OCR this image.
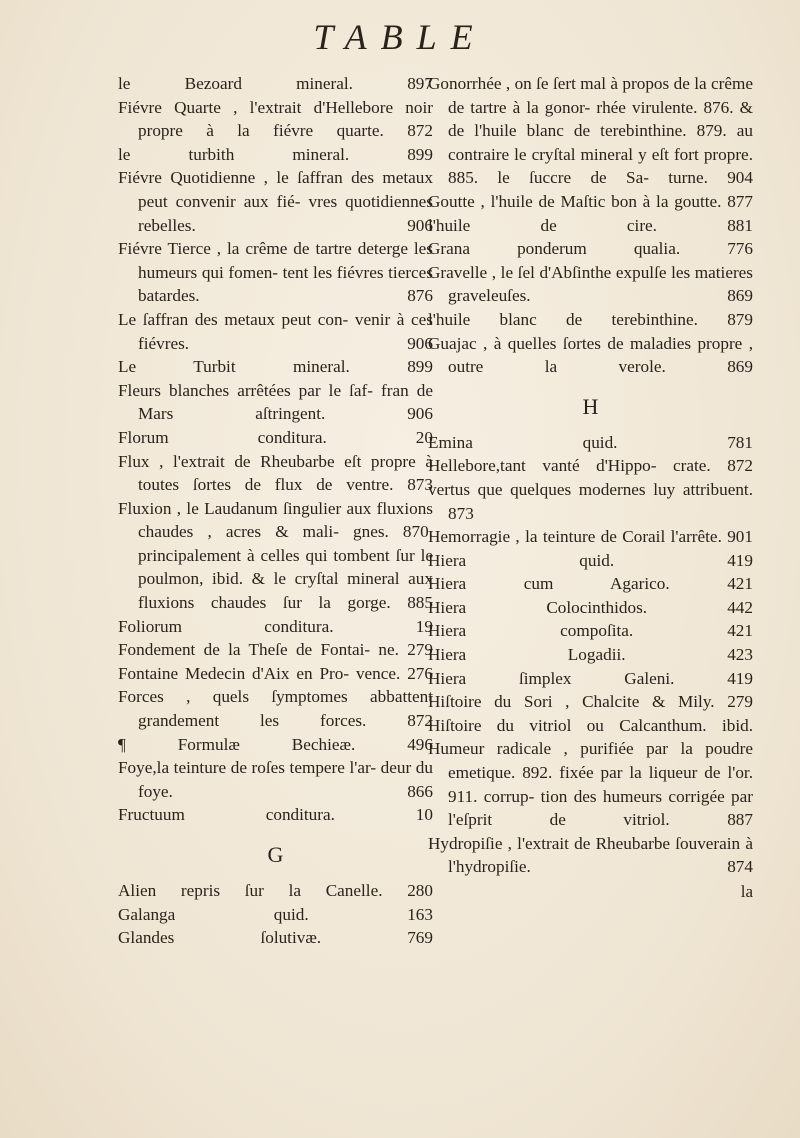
TABLE

le Bezoard mineral. 897

Fiévre Quarte , l'extrait d'Hellebore noir propre à la fiévre quarte. 872

le turbith mineral. 899

Fiévre Quotidienne , le ſaffran des metaux peut convenir aux fié- vres quotidiennes rebelles. 906

Fiévre Tierce , la crême de tartre deterge les humeurs qui fomen- tent les fiévres tierces batardes. 876

Le ſaffran des metaux peut con- venir à ces fiévres. 906

Le Turbit mineral. 899

Fleurs blanches arrêtées par le ſaf- fran de Mars aſtringent. 906

Florum conditura. 20

Flux , l'extrait de Rheubarbe eſt propre à toutes ſortes de flux de ventre. 873

Fluxion , le Laudanum ſingulier aux fluxions chaudes , acres & mali- gnes. 870. principalement à celles qui tombent ſur le poulmon, ibid. & le cryſtal mineral aux fluxions chaudes ſur la gorge. 885

Foliorum conditura. 19

Fondement de la Theſe de Fontai- ne. 279

Fontaine Medecin d'Aix en Pro- vence. 276

Forces , quels ſymptomes abbattent grandement les forces. 872

¶ Formulæ Bechieæ. 496

Foye,la teinture de roſes tempere l'ar- deur du foye. 866

Fructuum conditura. 10

G

Alien repris ſur la Canelle. 280

Galanga quid. 163

Glandes ſolutivæ. 769

Gonorrhée , on ſe ſert mal à propos de la crême de tartre à la gonor- rhée virulente. 876. & de l'huile blanc de terebinthine. 879. au contraire le cryſtal mineral y eſt fort propre. 885. le ſuccre de Sa- turne. 904

Goutte , l'huile de Maſtic bon à la goutte. 877

l'huile de cire. 881

Grana ponderum qualia. 776

Gravelle , le ſel d'Abſinthe expulſe les matieres graveleuſes. 869

l'huile blanc de terebinthine. 879

Guajac , à quelles ſortes de maladies propre , outre la verole. 869

H

Emina quid. 781

Hellebore,tant vanté d'Hippo- crate. 872

vertus que quelques modernes luy attribuent. 873

Hemorragie , la teinture de Corail l'arrête. 901

Hiera quid. 419

Hiera cum Agarico. 421

Hiera Colocinthidos. 442

Hiera compoſita. 421

Hiera Logadii. 423

Hiera ſimplex Galeni. 419

Hiſtoire du Sori , Chalcite & Mily. 279

Hiſtoire du vitriol ou Calcanthum. ibid.

Humeur radicale , purifiée par la poudre emetique. 892. fixée par la liqueur de l'or. 911. corrup- tion des humeurs corrigée par l'eſprit de vitriol. 887

Hydropiſie , l'extrait de Rheubarbe ſouverain à l'hydropiſie. 874

la
